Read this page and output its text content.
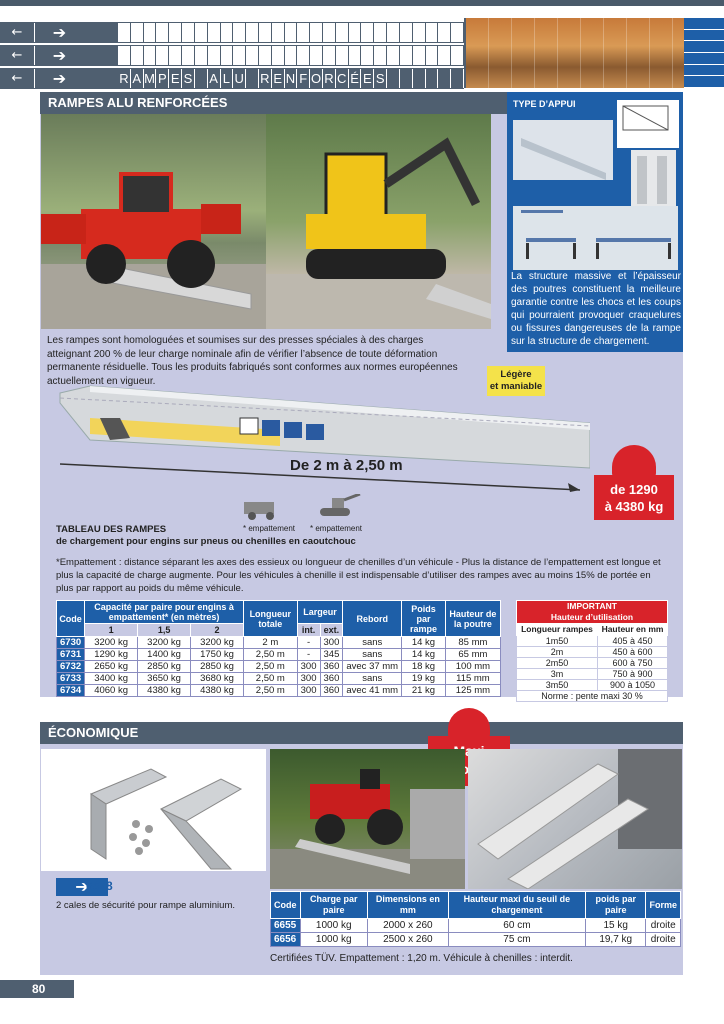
←	➔
←	➔
←	➔	R A M P E S A L U R E N F O R C É E S
RAMPES ALU RENFORCÉES	TYPE D’APPUI
La structure massive et l’épaisseur des poutres constituent la meilleure garantie contre les chocs et les coups qui pourraient provoquer craquelures ou fissures dangereuses de la rampe sur la structure de chargement.
Les rampes sont homologuées et soumises sur des presses spéciales à des charges atteignant 200 % de leur charge nominale afin de vérifier l’absence de toute déformation permanente résiduelle. Tous les produits fabriqués sont conformes aux normes européennes actuellement en vigueur.
Légère
et maniable
De 2 m à 2,50 m
de 1290
à 4380 kg
* empattement * empattement
TABLEAU DES RAMPES
de chargement pour engins sur pneus ou chenilles en caoutchouc
*Empattement : distance séparant les axes des essieux ou longueur de chenilles d’un véhicule - Plus la distance de l’empattement est longue et plus la capacité de charge augmente. Pour les véhicules à chenille il est indispensable d’utiliser des rampes avec au moins 15% de portée en plus par rapport au poids du même véhicule.
Code	Capacité par paire pour engins à empattement* (en mètres)			Longueur totale	Largeur		Rebord	Poids par rampe	Hauteur de la poutre
	1	1,5	2		int.	ext.			
6730	3200 kg	3200 kg	3200 kg	2 m	-	300	sans	14 kg	85 mm
6731	1290 kg	1400 kg	1750 kg	2,50 m	-	345	sans	14 kg	65 mm
6732	2650 kg	2850 kg	2850 kg	2,50 m	300	360	avec 37 mm	18 kg	100 mm
6733	3400 kg	3650 kg	3680 kg	2,50 m	300	360	sans	19 kg	115 mm
6734	4060 kg	4380 kg	4380 kg	2,50 m	300	360	avec 41 mm	21 kg	125 mm
IMPORTANT
Hauteur d’utilisation	

Longueur rampes	Hauteur en mm
1m50	405 à 450
2m	450 à 600
2m50	600 à 750
3m	750 à 900
3m50	900 à 1050
Norme : pente maxi 30 %	
ÉCONOMIQUE
➔
6678
2 cales de sécurité pour rampe aluminium.	Code	Charge par paire	Dimensions en mm	Hauteur maxi du seuil de chargement	poids par paire	Forme
6655	1000 kg	2000 x 260	60 cm	15 kg	droite
6656	1000 kg	2500 x 260	75 cm	19,7 kg	droite
Certifiées TÜV. Empattement : 1,20 m. Véhicule à chenilles : interdit.
80
